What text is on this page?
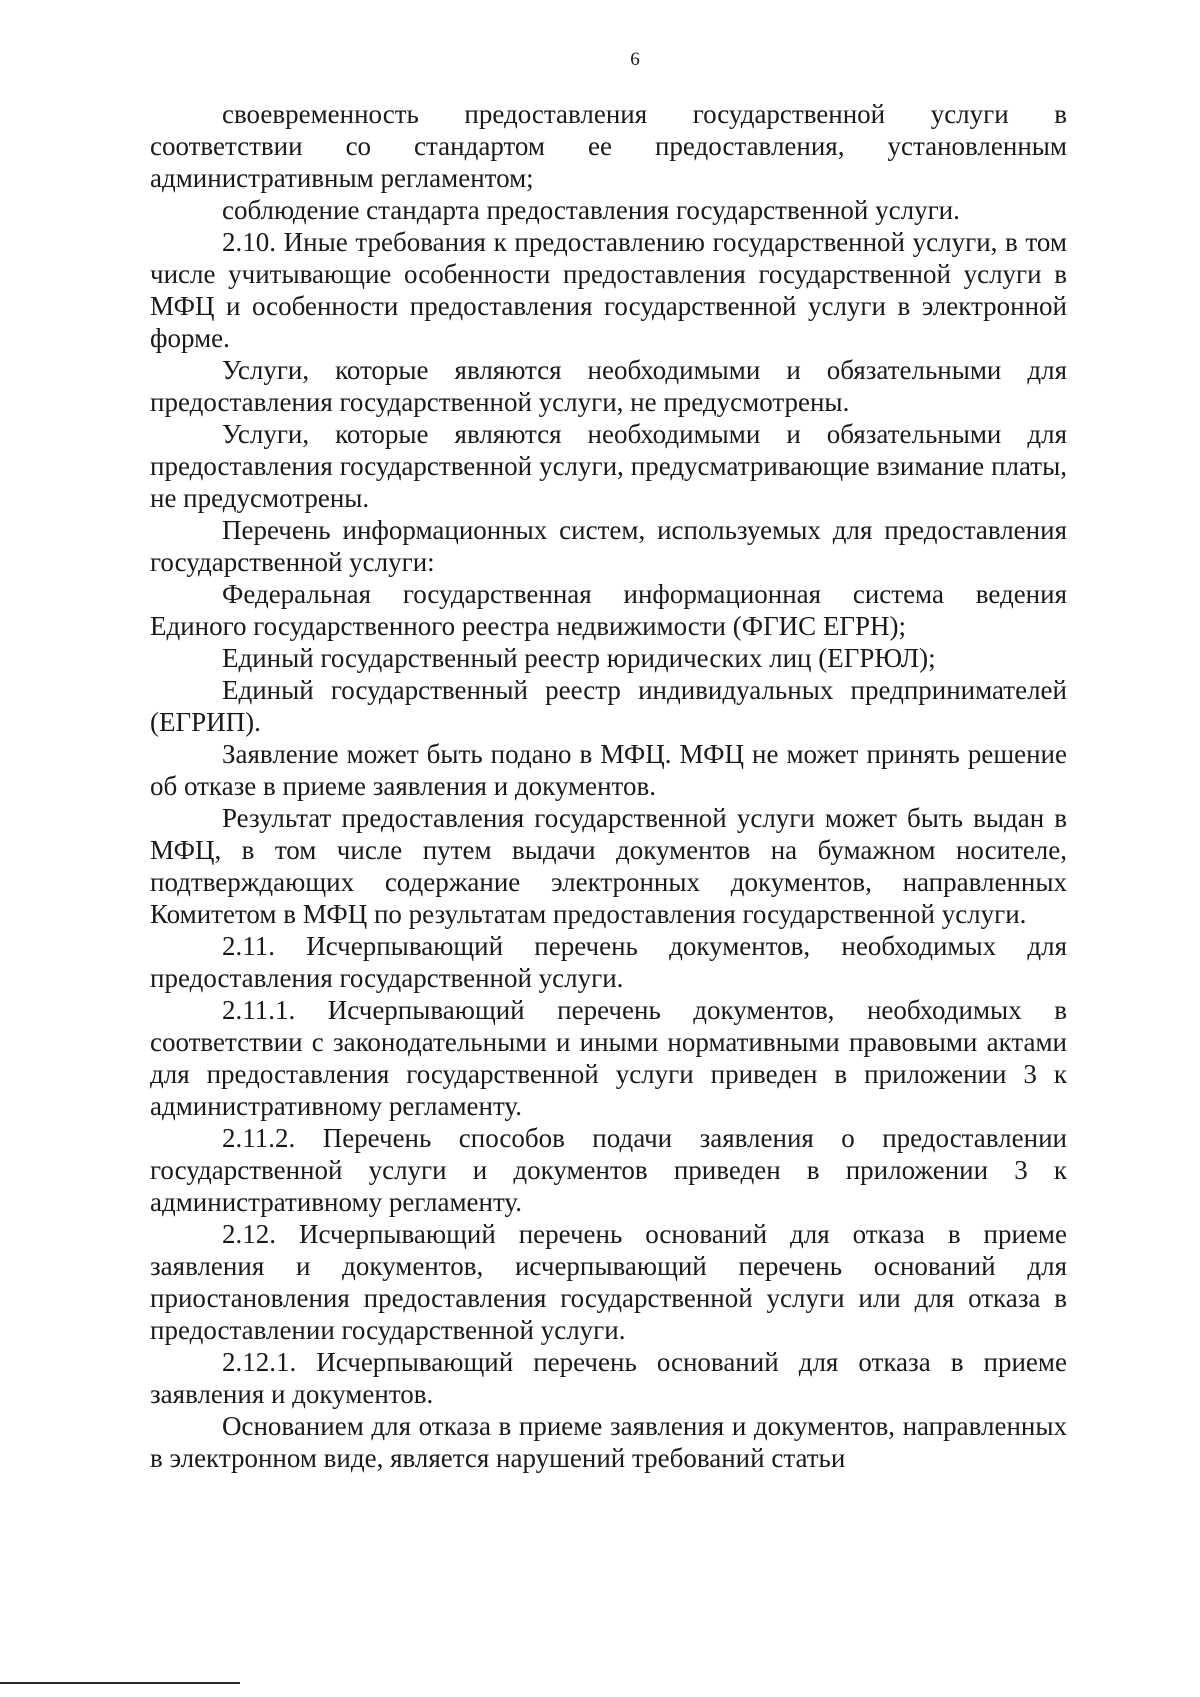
6

своевременность предоставления государственной услуги в соответствии со стандартом ее предоставления, установленным административным регламентом;

соблюдение стандарта предоставления государственной услуги.

2.10. Иные требования к предоставлению государственной услуги, в том числе учитывающие особенности предоставления государственной услуги в МФЦ и особенности предоставления государственной услуги в электронной форме.

Услуги, которые являются необходимыми и обязательными для предоставления государственной услуги, не предусмотрены.

Услуги, которые являются необходимыми и обязательными для предоставления государственной услуги, предусматривающие взимание платы, не предусмотрены.

Перечень информационных систем, используемых для предоставления государственной услуги:

Федеральная государственная информационная система ведения Единого государственного реестра недвижимости (ФГИС ЕГРН);

Единый государственный реестр юридических лиц (ЕГРЮЛ);

Единый государственный реестр индивидуальных предпринимателей (ЕГРИП).

Заявление может быть подано в МФЦ. МФЦ не может принять решение об отказе в приеме заявления и документов.

Результат предоставления государственной услуги может быть выдан в МФЦ, в том числе путем выдачи документов на бумажном носителе, подтверждающих содержание электронных документов, направленных Комитетом в МФЦ по результатам предоставления государственной услуги.

2.11. Исчерпывающий перечень документов, необходимых для предоставления государственной услуги.

2.11.1. Исчерпывающий перечень документов, необходимых в соответствии с законодательными и иными нормативными правовыми актами для предоставления государственной услуги приведен в приложении 3 к административному регламенту.

2.11.2. Перечень способов подачи заявления о предоставлении государственной услуги и документов приведен в приложении 3 к административному регламенту.

2.12. Исчерпывающий перечень оснований для отказа в приеме заявления и документов, исчерпывающий перечень оснований для приостановления предоставления государственной услуги или для отказа в предоставлении государственной услуги.

2.12.1. Исчерпывающий перечень оснований для отказа в приеме заявления и документов.

Основанием для отказа в приеме заявления и документов, направленных в электронном виде, является нарушений требований статьи
